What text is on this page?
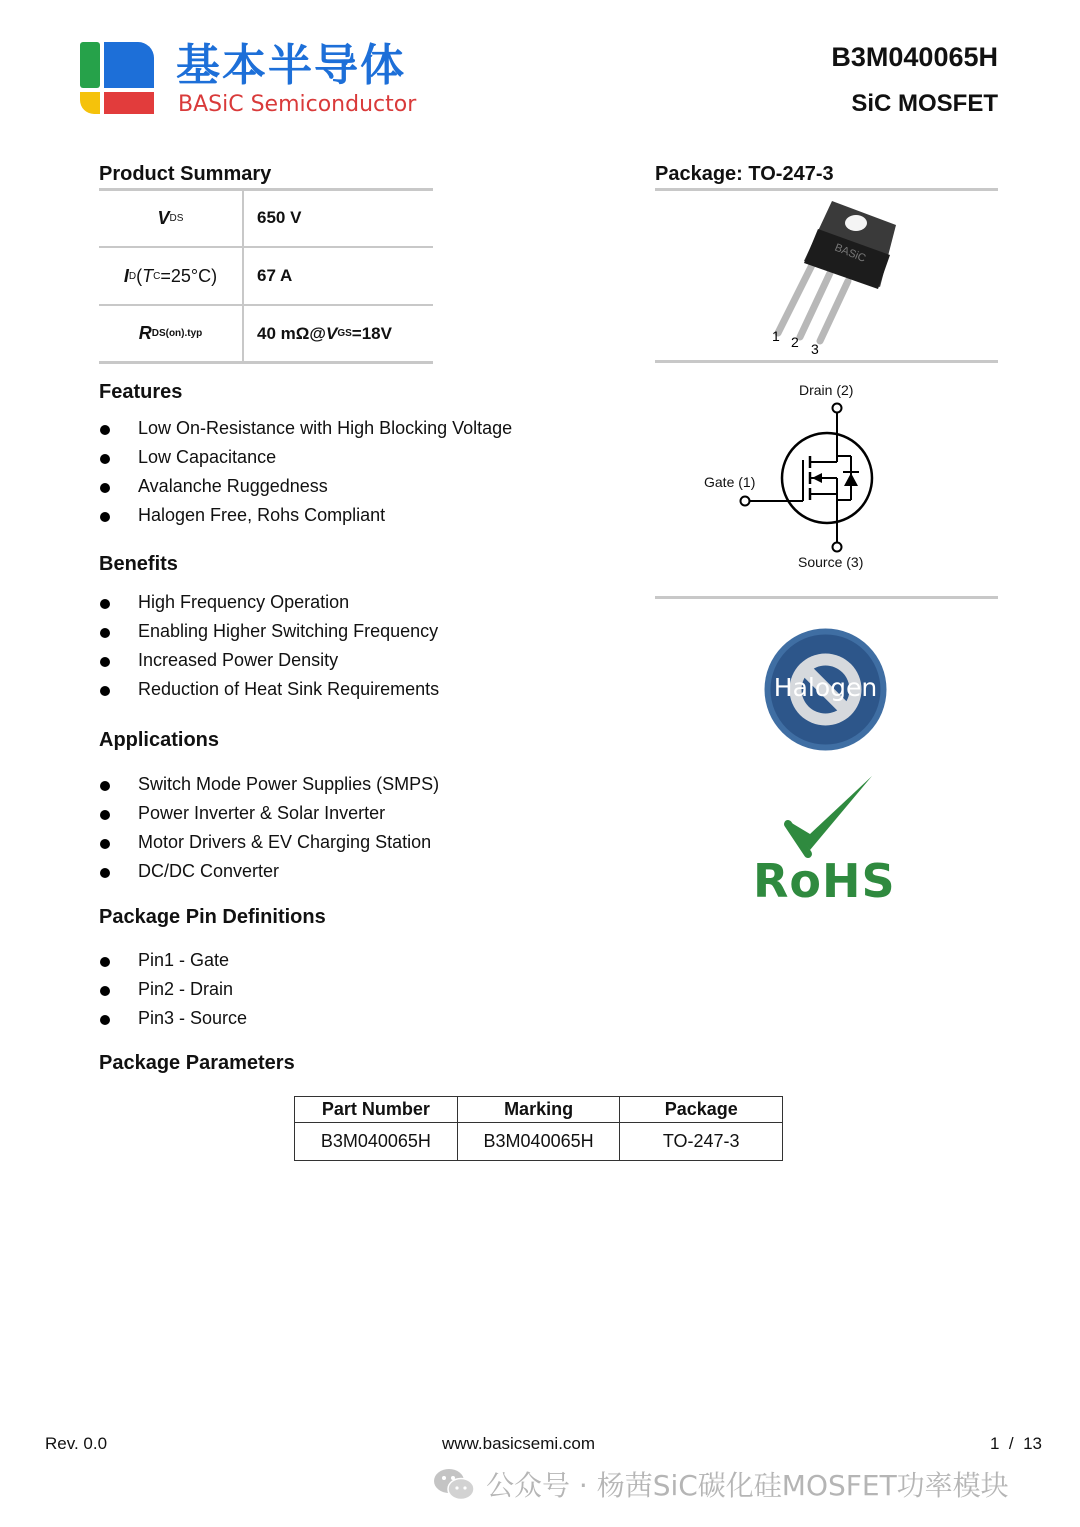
基本半导体
BASiC Semiconductor
B3M040065H
SiC MOSFET
Product Summary
V DS	650 V
I D ( T C =25°C) 67 A
R DS(on).typ	40 mΩ@ V GS =18V
Features
Low On-Resistance with High Blocking Voltage
Low Capacitance
Avalanche Ruggedness
Halogen Free, Rohs Compliant
Benefits
High Frequency Operation
Enabling Higher Switching Frequency
Increased Power Density
Reduction of Heat Sink Requirements
Applications
Switch Mode Power Supplies (SMPS)
Power Inverter & Solar Inverter
Motor Drivers & EV Charging Station
DC/DC Converter
Package Pin Definitions
Pin1 - Gate
Pin2 - Drain
Pin3 - Source
Package Parameters
Part Number	Marking	Package
B3M040065H	B3M040065H	TO-247-3
Package: TO-247-3
BASiC
1 2 3
Drain (2)
Gate (1)
Source (3)
Halogen
RoHS
Rev. 0.0	www.basicsemi.com	1  /  13
公众号 · 杨茜SiC碳化硅MOSFET功率模块
